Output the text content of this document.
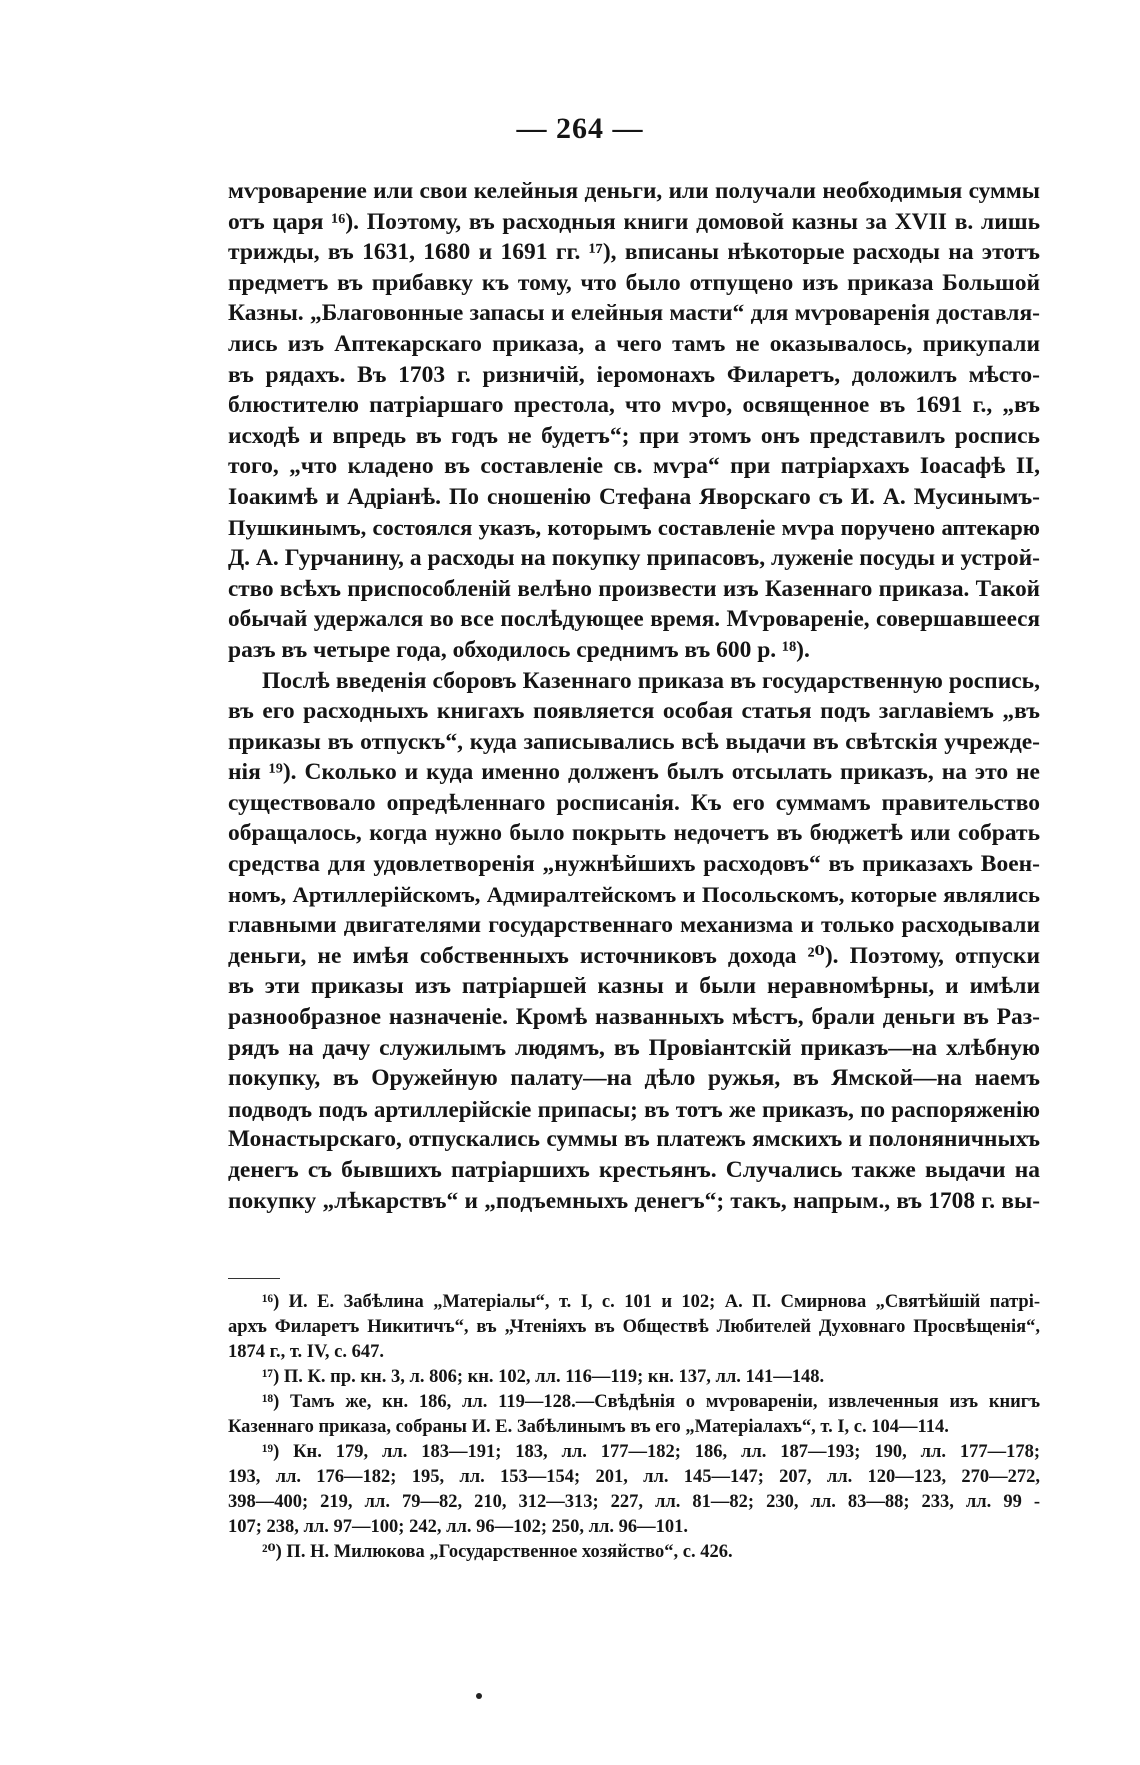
— 264 —
мѵроварение или свои келейныя деньги, или получали необходимыя суммы
отъ царя ¹⁶). Поэтому, въ расходныя книги домовой казны за XVII в. лишь
трижды, въ 1631, 1680 и 1691 гг. ¹⁷), вписаны нѣкоторые расходы на этотъ
предметъ въ прибавку къ тому, что было отпущено изъ приказа Большой
Казны. „Благовонные запасы и елейныя масти“ для мѵроваренія доставля-
лись изъ Аптекарскаго приказа, а чего тамъ не оказывалось, прикупали
въ рядахъ. Въ 1703 г. ризничій, іеромонахъ Филаретъ, доложилъ мѣсто-
блюстителю патріаршаго престола, что мѵро, освященное въ 1691 г., „въ
исходѣ и впредь въ годъ не будетъ“; при этомъ онъ представилъ роспись
того, „что кладено въ составленіе св. мѵра“ при патріархахъ Іоасафѣ II,
Іоакимѣ и Адріанѣ. По сношенію Стефана Яворскаго съ И. А. Мусинымъ-
Пушкинымъ, состоялся указъ, которымъ составленіе мѵра поручено аптекарю
Д. А. Гурчанину, а расходы на покупку припасовъ, луженіе посуды и устрой-
ство всѣхъ приспособленій велѣно произвести изъ Казеннаго приказа. Такой
обычай удержался во все послѣдующее время. Мѵровареніе, совершавшееся
разъ въ четыре года, обходилось среднимъ въ 600 р. ¹⁸).
Послѣ введенія сборовъ Казеннаго приказа въ государственную роспись,
въ его расходныхъ книгахъ появляется особая статья подъ заглавіемъ „въ
приказы въ отпускъ“, куда записывались всѣ выдачи въ свѣтскія учрежде-
нія ¹⁹). Сколько и куда именно долженъ былъ отсылать приказъ, на это не
существовало опредѣленнаго росписанія. Къ его суммамъ правительство
обращалось, когда нужно было покрыть недочетъ въ бюджетѣ или собрать
средства для удовлетворенія „нужнѣйшихъ расходовъ“ въ приказахъ Воен-
номъ, Артиллерійскомъ, Адмиралтейскомъ и Посольскомъ, которые являлись
главными двигателями государственнаго механизма и только расходывали
деньги, не имѣя собственныхъ источниковъ дохода ²⁰). Поэтому, отпуски
въ эти приказы изъ патріаршей казны и были неравномѣрны, и имѣли
разнообразное назначеніе. Кромѣ названныхъ мѣстъ, брали деньги въ Раз-
рядъ на дачу служилымъ людямъ, въ Провіантскій приказъ—на хлѣбную
покупку, въ Оружейную палату—на дѣло ружья, въ Ямской—на наемъ
подводъ подъ артиллерійскіе припасы; въ тотъ же приказъ, по распоряженію
Монастырскаго, отпускались суммы въ платежъ ямскихъ и полоняничныхъ
денегъ съ бывшихъ патріаршихъ крестьянъ. Случались также выдачи на
покупку „лѣкарствъ“ и „подъемныхъ денегъ“; такъ, напрым., въ 1708 г. вы-
¹⁶) И. Е. Забѣлина „Матеріалы“, т. I, с. 101 и 102; А. П. Смирнова „Святѣйшій патрі-
архъ Филаретъ Никитичъ“, въ „Чтеніяхъ въ Обществѣ Любителей Духовнаго Просвѣщенія“,
1874 г., т. IV, с. 647.
¹⁷) П. К. пр. кн. 3, л. 806; кн. 102, лл. 116—119; кн. 137, лл. 141—148.
¹⁸) Тамъ же, кн. 186, лл. 119—128.—Свѣдѣнія о мѵровареніи, извлеченныя изъ книгъ
Казеннаго приказа, собраны И. Е. Забѣлинымъ въ его „Матеріалахъ“, т. I, с. 104—114.
¹⁹) Кн. 179, лл. 183—191; 183, лл. 177—182; 186, лл. 187—193; 190, лл. 177—178;
193, лл. 176—182; 195, лл. 153—154; 201, лл. 145—147; 207, лл. 120—123, 270—272,
398—400; 219, лл. 79—82, 210, 312—313; 227, лл. 81—82; 230, лл. 83—88; 233, лл. 99 -
107; 238, лл. 97—100; 242, лл. 96—102; 250, лл. 96—101.
²⁰) П. Н. Милюкова „Государственное хозяйство“, с. 426.
